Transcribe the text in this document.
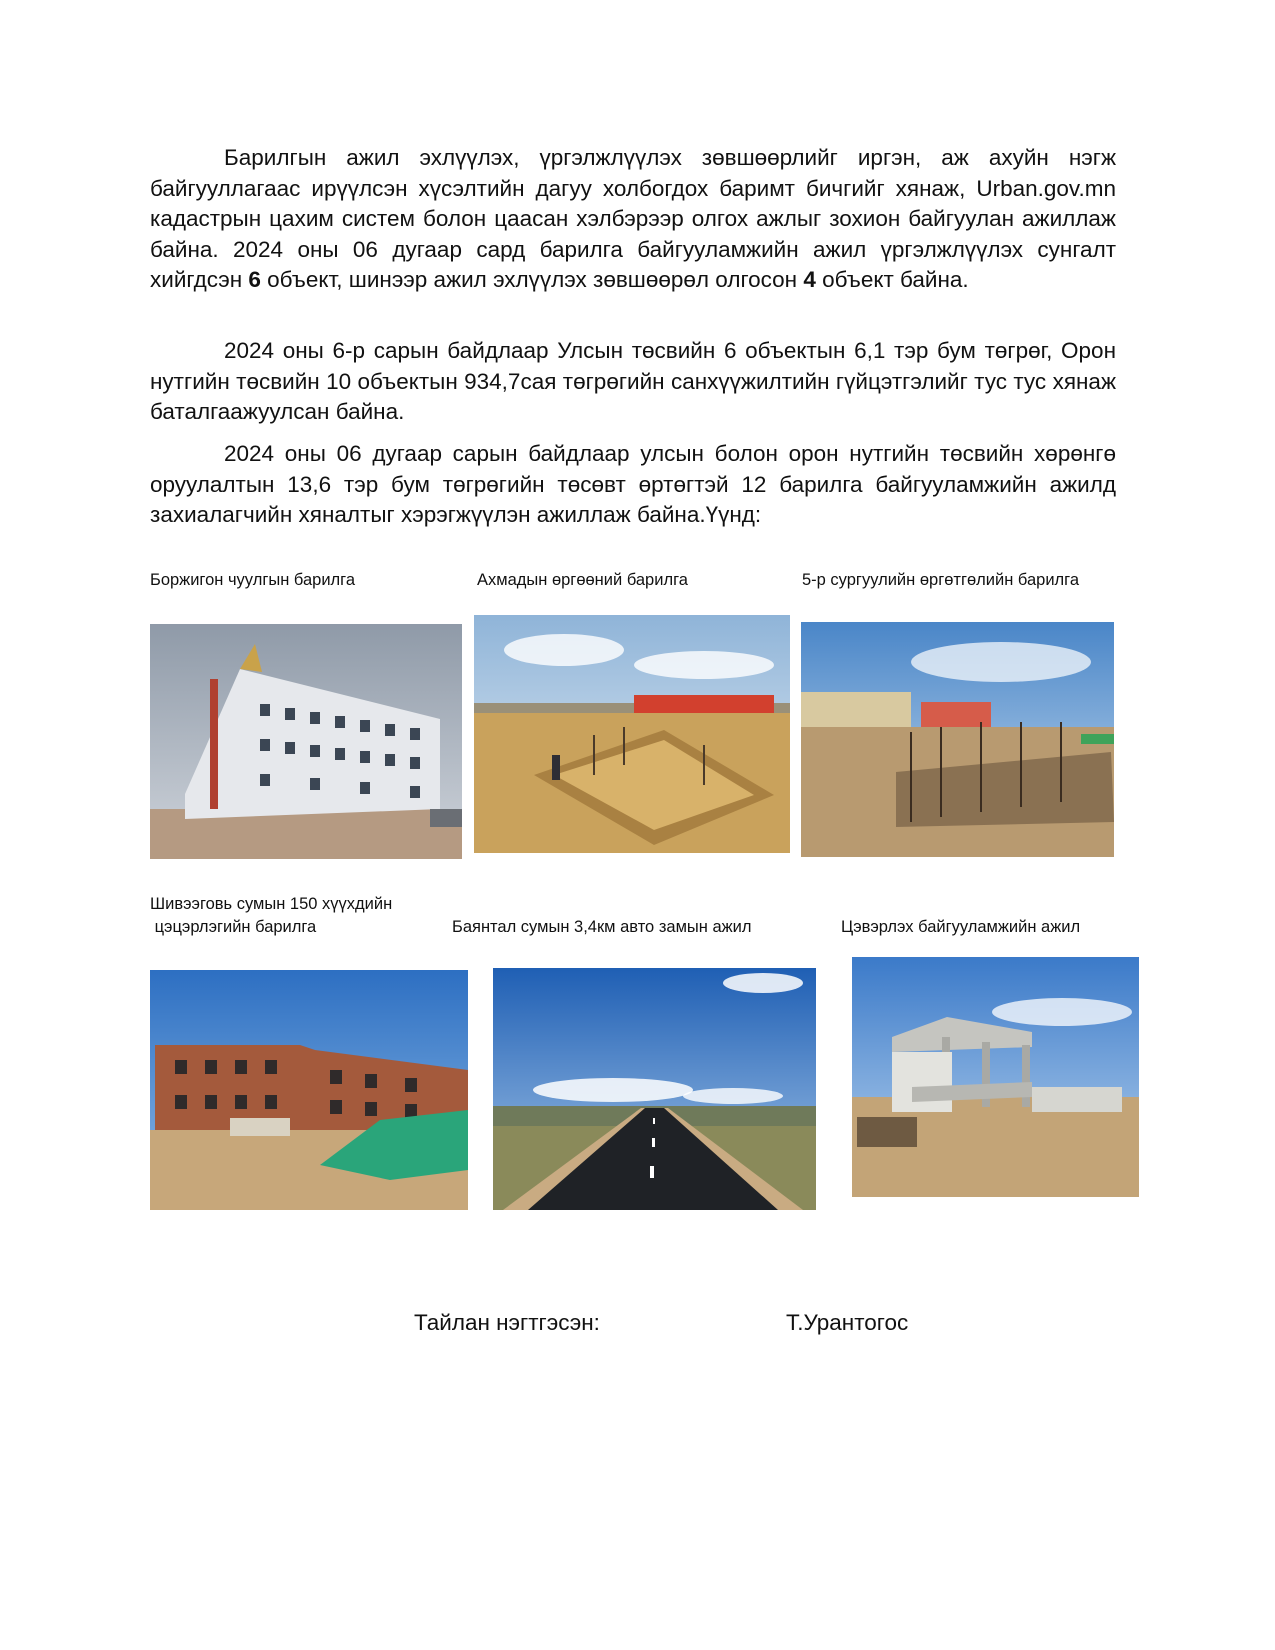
Барилгын ажил эхлүүлэх, үргэлжлүүлэх зөвшөөрлийг иргэн, аж ахуйн нэгж байгууллагаас ирүүлсэн хүсэлтийн дагуу холбогдох баримт бичгийг хянаж, Urban.gov.mn кадастрын цахим систем болон цаасан хэлбэрээр олгох ажлыг зохион байгуулан ажиллаж байна. 2024 оны 06 дугаар сард барилга байгууламжийн ажил үргэлжлүүлэх сунгалт хийгдсэн 6 объект, шинээр ажил эхлүүлэх зөвшөөрөл олгосон 4 объект байна.

2024 оны 6-р сарын байдлаар Улсын төсвийн 6 объектын 6,1 тэр бум төгрөг, Орон нутгийн төсвийн 10 объектын 934,7сая төгрөгийн санхүүжилтийн гүйцэтгэлийг тус тус хянаж баталгаажуулсан байна.

2024 оны 06 дугаар сарын байдлаар улсын болон орон нутгийн төсвийн хөрөнгө оруулалтын 13,6 тэр бум төгрөгийн төсөвт өртөгтэй 12 барилга байгууламжийн ажилд захиалагчийн хяналтыг хэрэгжүүлэн ажиллаж байна.Үүнд:

Боржигон чуулгын барилга	Ахмадын өргөөний барилга	5-р сургуулийн өргөтгөлийн барилга
Шивээговь сумын 150 хүүхдийн
цэцэрлэгийн барилга	Баянтал сумын 3,4км авто замын ажил	Цэвэрлэх байгууламжийн ажил
Тайлан нэгтгэсэн:	Т.Урантогос
